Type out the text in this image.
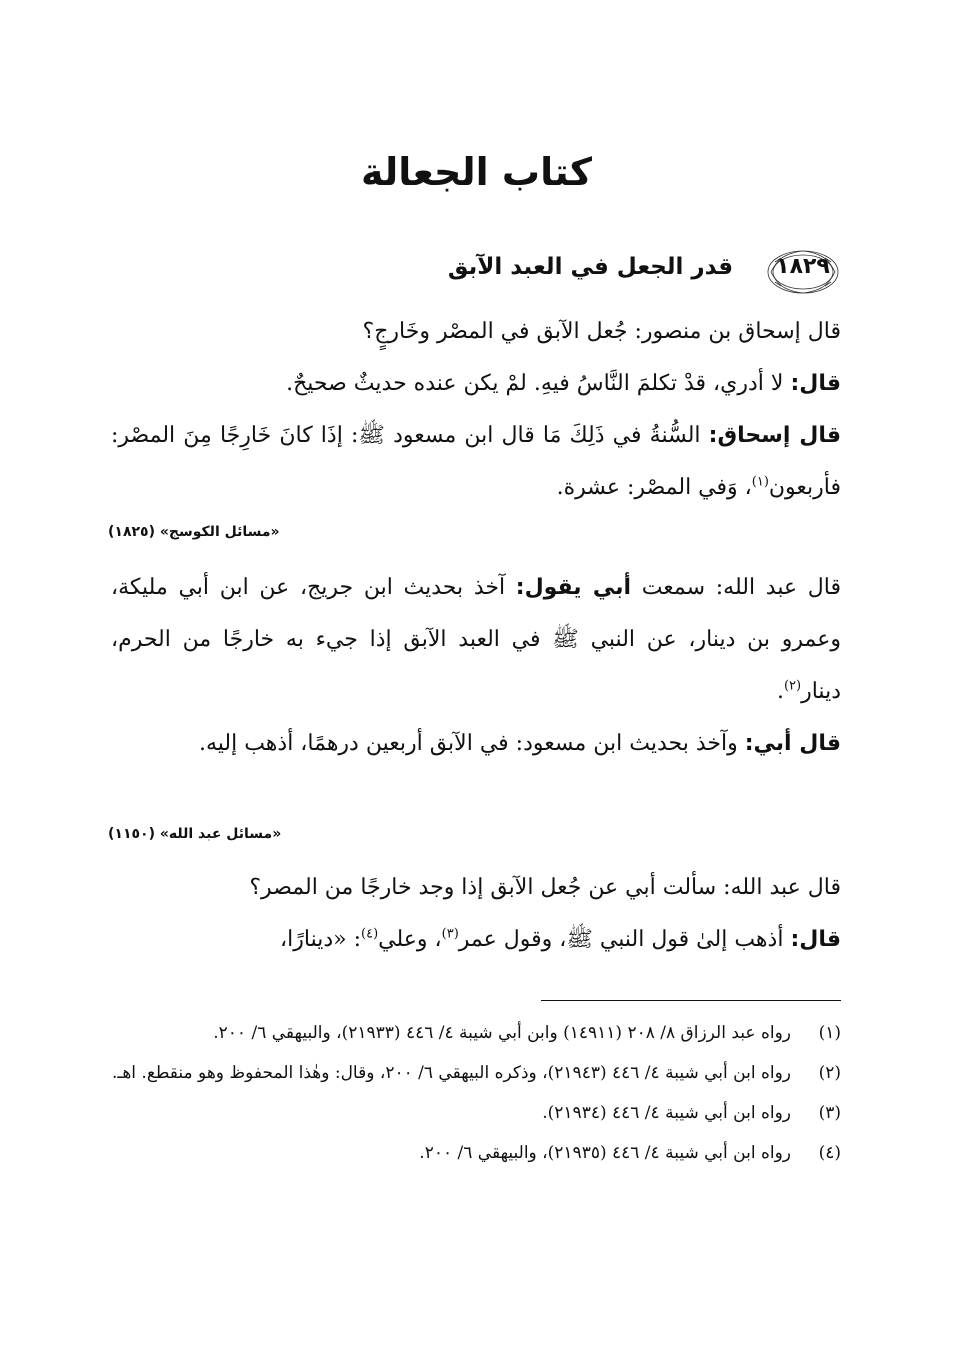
كتاب الجعالة
١٨٢٩
قدر الجعل في العبد الآبق

قال إسحاق بن منصور: جُعل الآبق في المصْر وخَارجٍ؟

قال: لا أدري، قدْ تكلمَ النَّاسُ فيهِ. لمْ يكن عنده حديثٌ صحيحٌ.

قال إسحاق: السُّنةُ في ذَلِكَ مَا قال ابن مسعود ﷺ: إذَا كانَ خَارِجًا مِنَ المصْر: فأربعون$^{(١)}$، وَفي المصْر: عشرة.

«مسائل الكوسج» (١٨٢٥)

قال عبد الله: سمعت أبي يقول: آخذ بحديث ابن جريج، عن ابن أبي مليكة، وعمرو بن دينار، عن النبي ﷺ في العبد الآبق إذا جيء به خارجًا من الحرم، دينار$^{(٢)}$.

قال أبي: وآخذ بحديث ابن مسعود: في الآبق أربعين درهمًا، أذهب إليه.

«مسائل عبد الله» (١١٥٠)

قال عبد الله: سألت أبي عن جُعل الآبق إذا وجد خارجًا من المصر؟

قال: أذهب إلىٰ قول النبي ﷺ، وقول عمر$^{(٣)}$، وعلي$^{(٤)}$: «دينارًا،

(١)
رواه عبد الرزاق ٨/ ٢٠٨ (١٤٩١١) وابن أبي شيبة ٤/ ٤٤٦ (٢١٩٣٣)، والبيهقي ٦/ ٢٠٠.
(٢)
رواه ابن أبي شيبة ٤/ ٤٤٦ (٢١٩٤٣)، وذكره البيهقي ٦/ ٢٠٠، وقال: وهٰذا المحفوظ وهو منقطع. اهـ.
(٣)
رواه ابن أبي شيبة ٤/ ٤٤٦ (٢١٩٣٤).
(٤)
رواه ابن أبي شيبة ٤/ ٤٤٦ (٢١٩٣٥)، والبيهقي ٦/ ٢٠٠.
